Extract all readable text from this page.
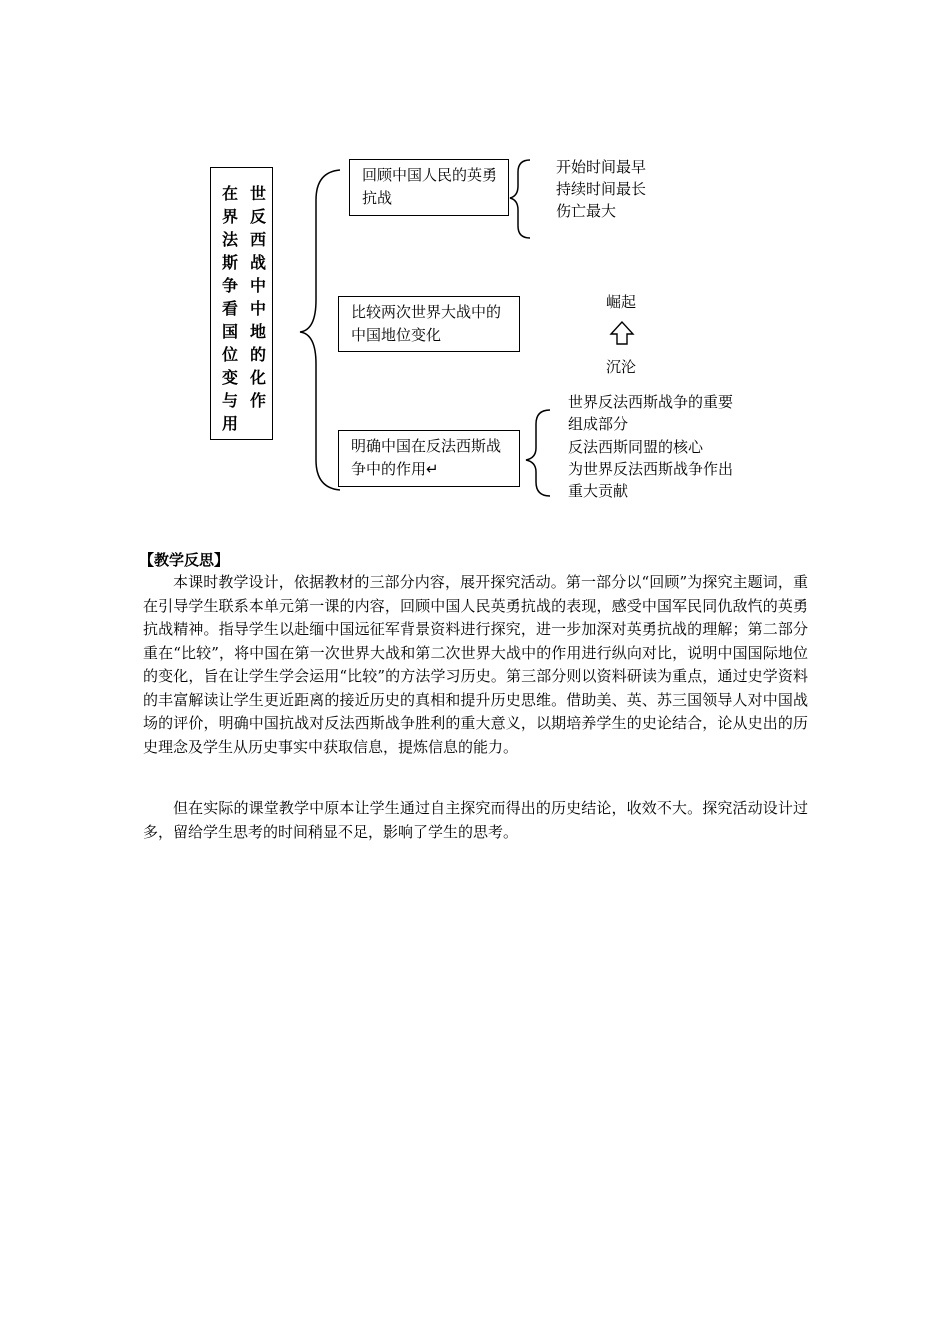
在界法斯争看国位变与用
世反西战中中地的化作
回顾中国人民的英勇抗战
比较两次世界大战中的中国地位变化
明确中国在反法西斯战争中的作用↵
开始时间最早
持续时间最长
伤亡最大
崛起
沉沦
世界反法西斯战争的重要
组成部分
反法西斯同盟的核心
为世界反法西斯战争作出
重大贡献
【教学反思】
本课时教学设计，依据教材的三部分内容，展开探究活动。第一部分以“回顾”为探究主题词，重在引导学生联系本单元第一课的内容，回顾中国人民英勇抗战的表现，感受中国军民同仇敌忾的英勇抗战精神。指导学生以赴缅中国远征军背景资料进行探究，进一步加深对英勇抗战的理解；第二部分重在“比较”，将中国在第一次世界大战和第二次世界大战中的作用进行纵向对比，说明中国国际地位的变化，旨在让学生学会运用“比较”的方法学习历史。第三部分则以资料研读为重点，通过史学资料的丰富解读让学生更近距离的接近历史的真相和提升历史思维。借助美、英、苏三国领导人对中国战场的评价，明确中国抗战对反法西斯战争胜利的重大意义，以期培养学生的史论结合，论从史出的历史理念及学生从历史事实中获取信息，提炼信息的能力。
但在实际的课堂教学中原本让学生通过自主探究而得出的历史结论，收效不大。探究活动设计过多，留给学生思考的时间稍显不足，影响了学生的思考。
